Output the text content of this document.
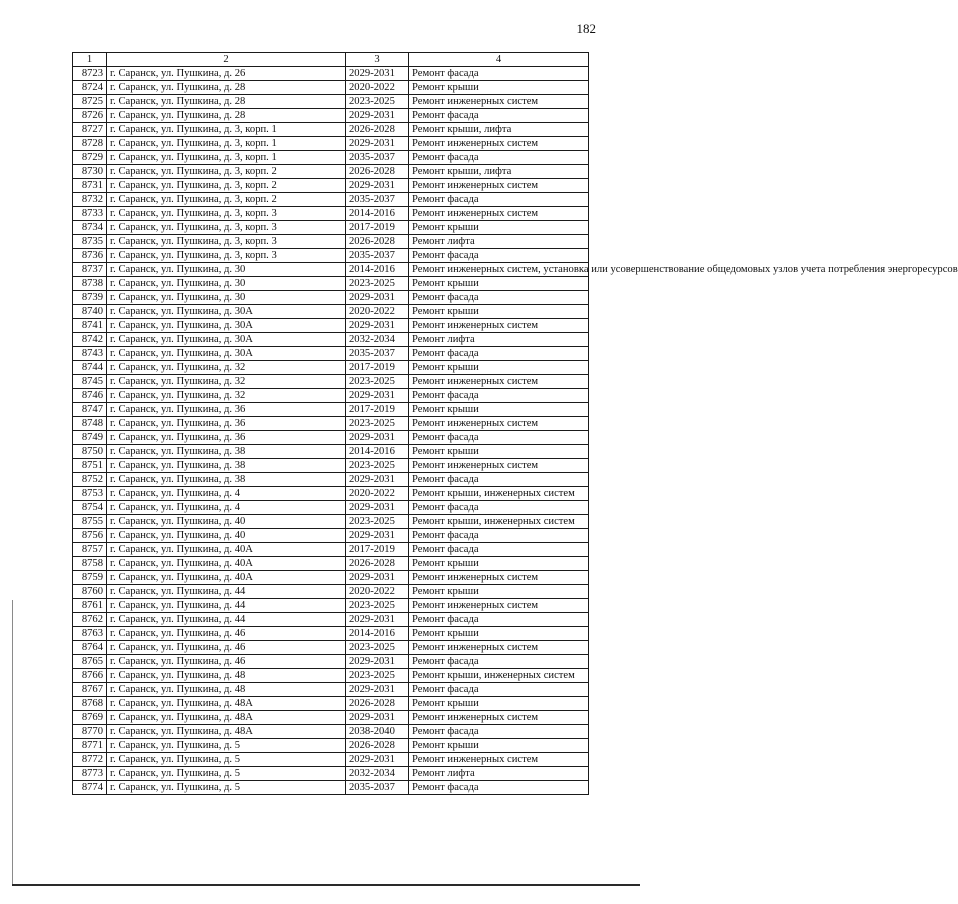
182
1	2	3	4
8723	г. Саранск, ул. Пушкина, д. 26	2029-2031	Ремонт фасада
8724	г. Саранск, ул. Пушкина, д. 28	2020-2022	Ремонт крыши
8725	г. Саранск, ул. Пушкина, д. 28	2023-2025	Ремонт инженерных систем
8726	г. Саранск, ул. Пушкина, д. 28	2029-2031	Ремонт фасада
8727	г. Саранск, ул. Пушкина, д. 3, корп. 1	2026-2028	Ремонт крыши, лифта
8728	г. Саранск, ул. Пушкина, д. 3, корп. 1	2029-2031	Ремонт инженерных систем
8729	г. Саранск, ул. Пушкина, д. 3, корп. 1	2035-2037	Ремонт фасада
8730	г. Саранск, ул. Пушкина, д. 3, корп. 2	2026-2028	Ремонт крыши, лифта
8731	г. Саранск, ул. Пушкина, д. 3, корп. 2	2029-2031	Ремонт инженерных систем
8732	г. Саранск, ул. Пушкина, д. 3, корп. 2	2035-2037	Ремонт фасада
8733	г. Саранск, ул. Пушкина, д. 3, корп. 3	2014-2016	Ремонт инженерных систем
8734	г. Саранск, ул. Пушкина, д. 3, корп. 3	2017-2019	Ремонт крыши
8735	г. Саранск, ул. Пушкина, д. 3, корп. 3	2026-2028	Ремонт лифта
8736	г. Саранск, ул. Пушкина, д. 3, корп. 3	2035-2037	Ремонт фасада
8737	г. Саранск, ул. Пушкина, д. 30	2014-2016	Ремонт инженерных систем, установка или усовершенствование общедомовых узлов учета потребления энергоресурсов
8738	г. Саранск, ул. Пушкина, д. 30	2023-2025	Ремонт крыши
8739	г. Саранск, ул. Пушкина, д. 30	2029-2031	Ремонт фасада
8740	г. Саранск, ул. Пушкина, д. 30А	2020-2022	Ремонт крыши
8741	г. Саранск, ул. Пушкина, д. 30А	2029-2031	Ремонт инженерных систем
8742	г. Саранск, ул. Пушкина, д. 30А	2032-2034	Ремонт лифта
8743	г. Саранск, ул. Пушкина, д. 30А	2035-2037	Ремонт фасада
8744	г. Саранск, ул. Пушкина, д. 32	2017-2019	Ремонт крыши
8745	г. Саранск, ул. Пушкина, д. 32	2023-2025	Ремонт инженерных систем
8746	г. Саранск, ул. Пушкина, д. 32	2029-2031	Ремонт фасада
8747	г. Саранск, ул. Пушкина, д. 36	2017-2019	Ремонт крыши
8748	г. Саранск, ул. Пушкина, д. 36	2023-2025	Ремонт инженерных систем
8749	г. Саранск, ул. Пушкина, д. 36	2029-2031	Ремонт фасада
8750	г. Саранск, ул. Пушкина, д. 38	2014-2016	Ремонт крыши
8751	г. Саранск, ул. Пушкина, д. 38	2023-2025	Ремонт инженерных систем
8752	г. Саранск, ул. Пушкина, д. 38	2029-2031	Ремонт фасада
8753	г. Саранск, ул. Пушкина, д. 4	2020-2022	Ремонт крыши, инженерных систем
8754	г. Саранск, ул. Пушкина, д. 4	2029-2031	Ремонт фасада
8755	г. Саранск, ул. Пушкина, д. 40	2023-2025	Ремонт крыши, инженерных систем
8756	г. Саранск, ул. Пушкина, д. 40	2029-2031	Ремонт фасада
8757	г. Саранск, ул. Пушкина, д. 40А	2017-2019	Ремонт фасада
8758	г. Саранск, ул. Пушкина, д. 40А	2026-2028	Ремонт крыши
8759	г. Саранск, ул. Пушкина, д. 40А	2029-2031	Ремонт инженерных систем
8760	г. Саранск, ул. Пушкина, д. 44	2020-2022	Ремонт крыши
8761	г. Саранск, ул. Пушкина, д. 44	2023-2025	Ремонт инженерных систем
8762	г. Саранск, ул. Пушкина, д. 44	2029-2031	Ремонт фасада
8763	г. Саранск, ул. Пушкина, д. 46	2014-2016	Ремонт крыши
8764	г. Саранск, ул. Пушкина, д. 46	2023-2025	Ремонт инженерных систем
8765	г. Саранск, ул. Пушкина, д. 46	2029-2031	Ремонт фасада
8766	г. Саранск, ул. Пушкина, д. 48	2023-2025	Ремонт крыши, инженерных систем
8767	г. Саранск, ул. Пушкина, д. 48	2029-2031	Ремонт фасада
8768	г. Саранск, ул. Пушкина, д. 48А	2026-2028	Ремонт крыши
8769	г. Саранск, ул. Пушкина, д. 48А	2029-2031	Ремонт инженерных систем
8770	г. Саранск, ул. Пушкина, д. 48А	2038-2040	Ремонт фасада
8771	г. Саранск, ул. Пушкина, д. 5	2026-2028	Ремонт крыши
8772	г. Саранск, ул. Пушкина, д. 5	2029-2031	Ремонт инженерных систем
8773	г. Саранск, ул. Пушкина, д. 5	2032-2034	Ремонт лифта
8774	г. Саранск, ул. Пушкина, д. 5	2035-2037	Ремонт фасада
